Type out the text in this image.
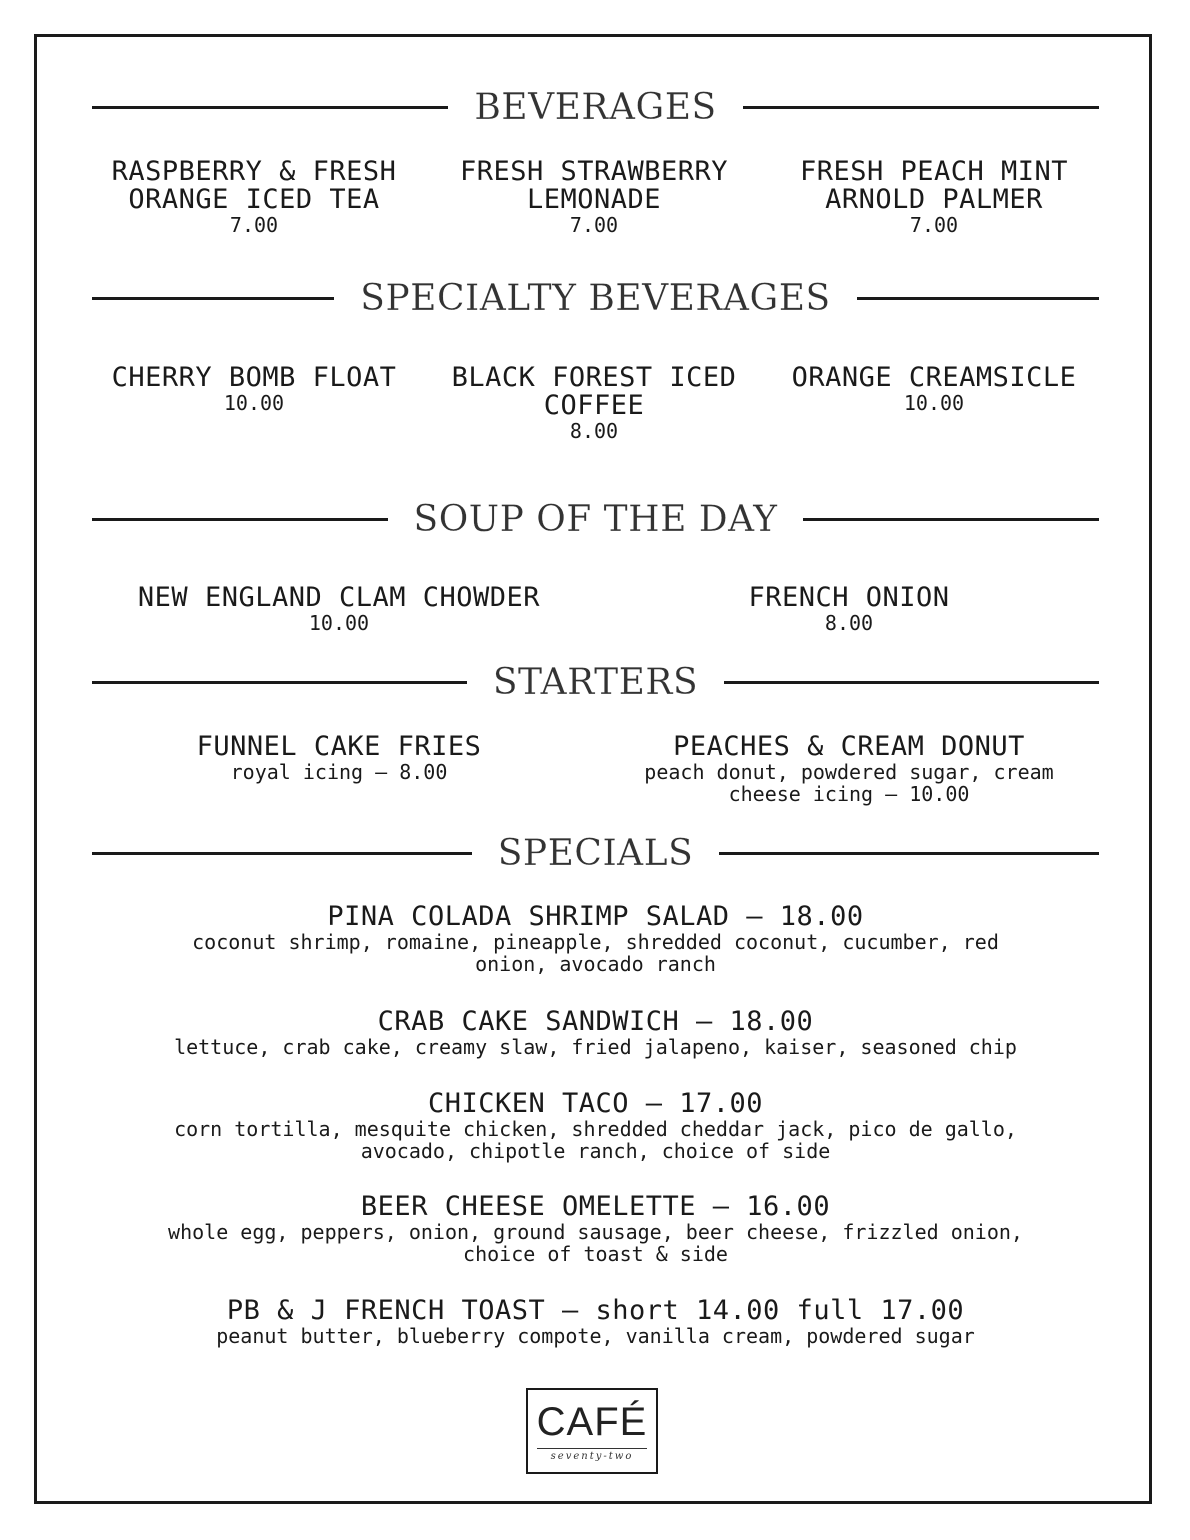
BEVERAGES
RASPBERRY & FRESH
ORANGE ICED TEA
7.00
FRESH STRAWBERRY
LEMONADE
7.00
FRESH PEACH MINT
ARNOLD PALMER
7.00
SPECIALTY BEVERAGES
CHERRY BOMB FLOAT
10.00
BLACK FOREST ICED
COFFEE
8.00
ORANGE CREAMSICLE
10.00
SOUP OF THE DAY
NEW ENGLAND CLAM CHOWDER
10.00
FRENCH ONION
8.00
STARTERS
FUNNEL CAKE FRIES
royal icing – 8.00
PEACHES & CREAM DONUT
peach donut, powdered sugar, cream
cheese icing – 10.00
SPECIALS
PINA COLADA SHRIMP SALAD – 18.00
coconut shrimp, romaine, pineapple, shredded coconut, cucumber, red
onion, avocado ranch
CRAB CAKE SANDWICH – 18.00
lettuce, crab cake, creamy slaw, fried jalapeno, kaiser, seasoned chip
CHICKEN TACO – 17.00
corn tortilla, mesquite chicken, shredded cheddar jack, pico de gallo,
avocado, chipotle ranch, choice of side
BEER CHEESE OMELETTE – 16.00
whole egg, peppers, onion, ground sausage, beer cheese, frizzled onion,
choice of toast & side
PB & J FRENCH TOAST – short 14.00 full 17.00
peanut butter, blueberry compote, vanilla cream, powdered sugar
CAFÉ
seventy-two
